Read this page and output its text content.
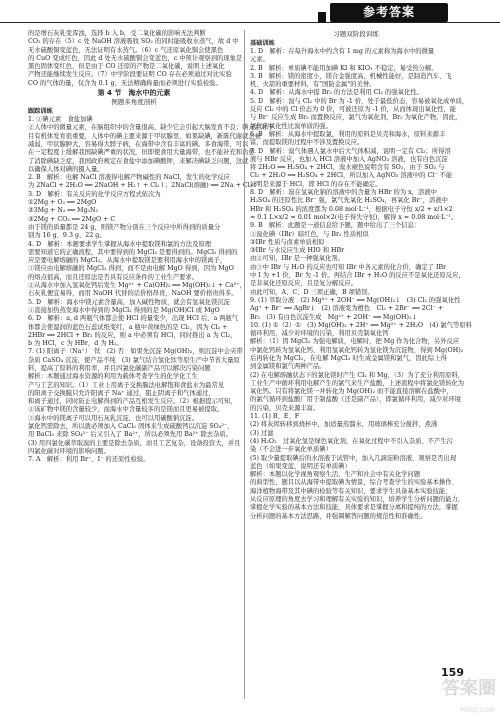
参考答案
的是增石灰乳变浑浊，选择 b 入 b，受二氧化碳的影响无法判断
CO₂ 的存在（5）c 处 NaOH 溶液吸收 SO₂ 的同时能吸收水蒸气，故 d 中
无水硫酸铜变蓝色，无法证明有水蒸气。（6）c 气还原氧化铜会使黑色
的 CuO 变成红色，因此 d 处无水硫酸铜会变蓝色，c 中预计观察到的现象是
黑色固体变红色，但是由于 CO 还原的产物是二氧化碳，说明上述氧化
产物还能继续发生反应。（7）中学阶段要证明 CO 存在必须通过对比实验
CO 的气体的量，仅含为 0.1 g，无法精确称量而必须进行实验检验。
第 4 节　海水中的元素
例题多角度剖析
跟踪训练
1. ①碘元素　食盐加碘
②人体中的微量元素，在脑组织中的含量很高，缺少它会引起大脑发育不良；碘元素对于
目有机体发育很重要，人体中的碘主要来源于甲状腺里，如果缺碘，新陈代谢就会被
减弱，甲状腺肿大，容易得大脖子病，在海带中含有丰富的碘。多食海带，可以
在一定程度上缓解我国缺碘严重的状况，但即使食用大量海带，也不能补充和治愈
了消除碘缺乏症，我国政府规定在食盐中添加碘酸钾，来解决碘缺乏问题，这就
以确保人体对碘的摄入量。
2. B　解析：电解 NaCl 溶液得电解产物碱性的 NaCl，发生的化学反应
为 2NaCl + 2H₂O ══ 2NaOH + H₂↑ + Cl₂↑；2NaCl(熔融) ══ 2Na + Cl₂↑
3. D　解析：有关反应的化学反应方程式依次为
①2Mg + O₂ ══ 2MgO
②3Mg + N₂ ══ Mg₃N₂
③2Mg + CO₂ ══ 2MgO + C
由于镁的质量都是 24 g，则镁产物分别在三个反应中所得到的质量分
别为 16 g、9.3 g、22 g。
4. D　解析：本题要求学生掌握从海水中提取镁和氯的方法及原理
需要知道它的正确流程，其中要得到的 MgCl₂ 是要得到的。MgCl₂ 得到的
应是要电解熔融的 MgCl₂。从海水中提取镁是要利用海水中的镁离子，
①镁应由电解熔融的 MgCl₂ 得到，而不是由电解 MgO 得到，因为 MgO
的熔点很高，而且还原法是否具有反应条件的工业生产要求。
②从海水中加入氢氧化钙后发生 Mg²⁺ + Ca(OH)₂ ══ Mg(OH)₂↓ + Ca²⁺，
石灰乳便宜易得，而用 NaOH 代替的话价格昂贵，NaOH 要价格贵得多。
5. D　解析：海水中镁元素含量高，加入碱性物质，就会有氢氧化镁沉淀
①直接加热蒸发海水中得到的 MgCl₂ 得到的是 Mg(OH)Cl 或 MgO
6. D　解析：a, d 两瓶气体都会使 HCl 的量变少，出现 HCl 后，a 两瓶气
体都会使湿润的蓝色石蕊试纸变红，a 瓶中黄绿色的是 Cl₂，因为 Cl₂ +
2HBr ══ 2HCl + Br₂ 的反应，则 a 中必须有 HCl，同时推出 a 为 Cl₂，
b 为 HCl，c 为 HBr，d 为 H₂。
7. (1) 阳离子（Na⁺）　钛　(2) 否　如果先沉淀 Mg(OH)₂，则沉淀中会夹带
杂质 CaSO₄ 沉淀，使产品不纯　(3) 氯气结合氢化钛等原生产中节省大量原
料，提高了原料的利用率，并且四氯化碳副产品可以解决污染问题
解析：本题通过海水资源的利用为载体考查学生的化学化工生
产与工艺的知识。（1）工业上用离子交换膜法电解饱和食盐水为最常见
的阳离子交换膜只允许阳离子 Na⁺ 通过，阻止阴离子和气体通过，
和离子通过，同时防止电解得到的产品互相发生反应。（2）根据提示可知，
②该矿物中镁的含量较少，而海水中含量较多的是镁而且更易被提取。
③海水中的镁离子可以用石灰乳沉淀，也可以用碳酸钠沉淀。
氯化钙需除去，所以就必须加入 CaCl₂ 固体来生成硫酸钙以沉淀 SO₄²⁻，
用 BaCl₂ 来除 SO₄²⁻ 后又引入了 Ba²⁺，所以必须先用 Ba²⁺ 除去杂质。
(3) 用四氯化碳萃取溴的主要是除去杂质，而且工艺复杂，设备投资大，并且
四氯化碳对环境的影响问题。
7. A　解析：利用 Br⁻、I⁻ 的还原性检验。
习题双阶段训练
基础训练
1. D　解析：在每升海水中约含有 1 mg 的元素称为海水中的微量
元素。
2. B　解析：单质碘不能用加碘 KI 和 KIO₃ 不稳定，易受热分解。
3. B　解析：镁的密度小，镁合金强度高、机械性能好，是制造汽车、飞
机、火箭的重要材料，有"国防金属"的美誉。
4. D　解析：从海水中提 Br₂ 的方法是利用 Cl₂ 的强氧化性。
5. D　解析：溴与 Cl₂ 中的 Br 为 -1 价，处于最低价态，容易被氧化成单质，
反应 Cl₂ 中的 Cl 价态为 0 价，可被还原为 -1 价，从而体现出氧化性，能
与 Br⁻ 反应生成 Br₂ 而置换反应，氯气为氧化剂，Br₂ 为氧化产物，因此，
氯气的氧化性比溴单质的强。
6. B　解析：从海水中提取氯，利用的原料是贝壳和海水，原料来源丰
富，而提取镁的过程中不涉及置换反应。
7. D　解析：溴气体遇人氯水中后大气体积减，说明一定有 Cl₂；所得溶
液与 HBr 反应，也加入 HCl 溶液中加入 AgNO₃ 溶液，也有白色沉淀
将 2H₂O ══ H₂SO₄ + 2HCl，溴水褪色说明含有 SO₂，由于 SO₂ 与
Cl₂ + 2H₂O ══ H₂SO₄ + 2HCl，所以加入 AgNO₃ 溶液中的 Cl⁻ 不能
证明是来源于 HCl，即 HCl 的存在不能确定。
8. D　解析：溴在氢氧化钠的溶液中的含量为 HBr 的为 x，溶液中
H₂SO₄ 的还原性比 Br⁻ 强，氯气先氧化 H₂SO₄，再氧化 Br⁻，溶液中
HBr 和 H₂SO₄ 的浓度都为 0.08 mol·L⁻¹，根据电子守恒 x/2 + x/1×2
= 0.1 L×x/2 = 0.01 mol×2(电子得失守恒)，解得 x = 0.08 mol·L⁻¹。
9. B　解析：此题是一道信息给予题，题中给出了三个信息：
①溴化碘（IBr）暗红色，与 Br₂ 性质相似
②IBr 性质与卤素单质相似
③IBr 与水反应生成 HIO 和 HBr
由②可知，IBr 是一种强氧化剂。
由③中 IBr 与 H₂O 的反应也可知 IBr 中各元素的化合价，确定了 IBr
中 I 为 +1 价，Br 为 -1 价。再结合 IBr + H₂O 的反应不是氧化还原反应，
是非氧化还原反应，且是复分解反应。
由此可知，A、C、D 三项正确，B 项错误。
9. (1) 萃取分液　(2) Mg²⁺ + 2OH⁻ ══ Mg(OH)₂↓　(3) Cl₂ 的强氧化性
Ag⁺ + Br⁻ ══ AgBr↓　(2) 溶液变为橙色　Cl₂ + 2Br⁻ ══ 2Cl⁻ +
Br₂　(3) 有白色沉淀生成　Mg²⁺ + 2OH⁻ ══ Mg(OH)₂↓
10. (1) ①（2）①　(3) Mg(OH)₂ + 2H⁺ ══ Mg²⁺ + 2H₂O　(4) 氯气等原料
循环利用，减少对环境的污染，利用贝壳制氧化钙
解析：（1）因 MgCl₂ 为强电解质，电解时，把 Mg 作为化合物，另外反应
中氯化钙转为氢氧化钙，利用氢氧化钙转为氢化镁为沉淀物，得到 Mg(OH)₂
后再转化为 MgCl₂，在电解 MgCl₂ 时生成金属镁和氯气，因此综上得
到金属镁和氯气两种产品。
(2) 在电解熔融状态下的氯化镁时产生 Cl₂ 和 Mg，（3）为了充分利用原料，
工业生产中循环利用电解产生的氯气来生产盐酸，上述流程中将氯化镁转化为
氧化钙。只有将氯化镁一并转化为 Mg(OH)₂ 而不能直接溶解在盐酸中，
的氯气循环到盐酸厂用于制盐酸（还是副产品），即氯循环利用，减少对环境
的污染，贝壳来源丰富。
11. (1) B、E、F
(2) 将灰烬转移到烧杯中，加适量蒸馏水，用玻璃棒充分搅拌，煮沸
(3) 过滤
(4) H₂O₂　过氧化氢是绿色氧化剂，在氧化过程中不引入杂质、不产生污
染（不会进一步氧化单质碘）
(5) 取少量提取碘后的水溶液于试管中，加入几滴淀粉溶液，观察是否出现
蓝色（如果变蓝，说明还有单质碘）
解析：本题以化学视角观察生活、生产和社会中有关化学问题
的典型性，题目以从海带中提取碘为情景，综合考查学生的实验基本操作、
海洋植物海带及其中碘的检验等有关知识，要求学生具备基本实验技能、
从反应原理的角度去学习和理解有关实验的知识，培养学生分析问题的能力，
掌握化学实验的基本方法和技能，具体要求是掌握分离和提纯的方法，掌握
分析问题的基本方法思路，并强调解答问题的规范性和准确性。
159
答案圈
MXQE.COM
